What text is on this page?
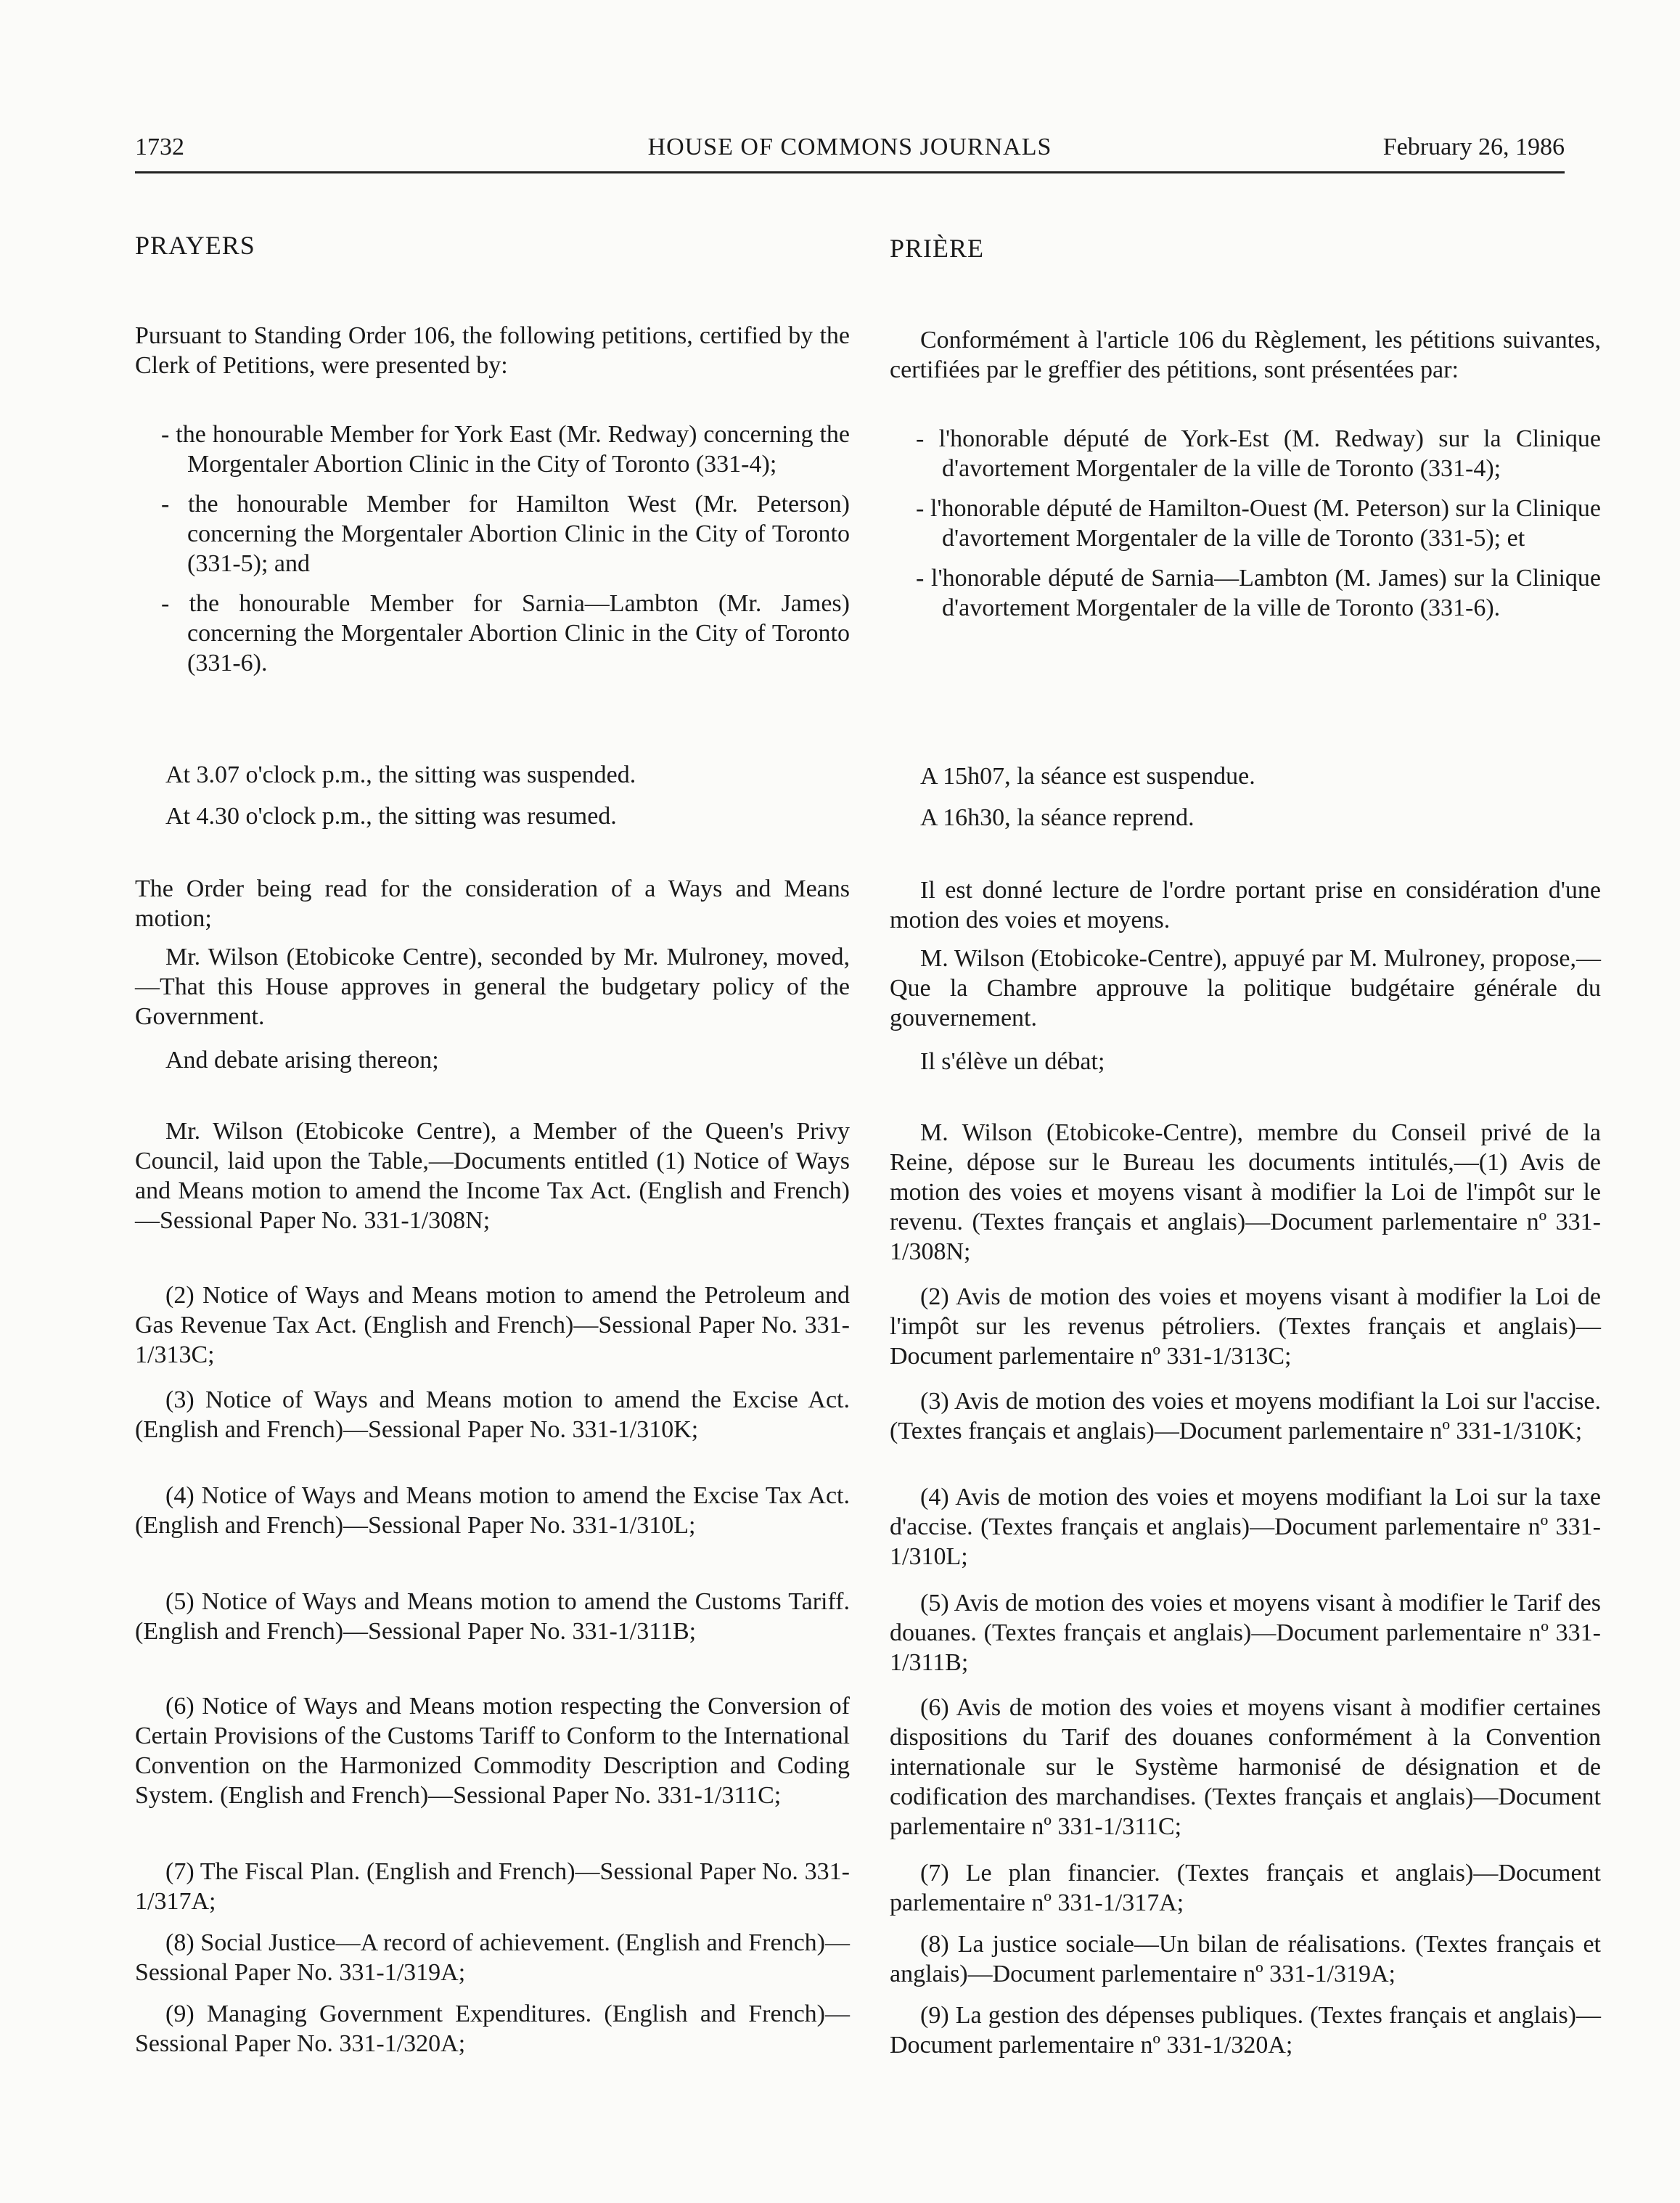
1732	HOUSE OF COMMONS JOURNALS	February 26, 1986
PRAYERS

Pursuant to Standing Order 106, the following petitions, certified by the Clerk of Petitions, were presented by:

- the honourable Member for York East (Mr. Redway) concerning the Morgentaler Abortion Clinic in the City of Toronto (331-4);

- the honourable Member for Hamilton West (Mr. Peterson) concerning the Morgentaler Abortion Clinic in the City of Toronto (331-5); and

- the honourable Member for Sarnia—Lambton (Mr. James) concerning the Morgentaler Abortion Clinic in the City of Toronto (331-6).

At 3.07 o'clock p.m., the sitting was suspended.

At 4.30 o'clock p.m., the sitting was resumed.

The Order being read for the consideration of a Ways and Means motion;

Mr. Wilson (Etobicoke Centre), seconded by Mr. Mulroney, moved,—That this House approves in general the budgetary policy of the Government.

And debate arising thereon;

Mr. Wilson (Etobicoke Centre), a Member of the Queen's Privy Council, laid upon the Table,—Documents entitled (1) Notice of Ways and Means motion to amend the Income Tax Act. (English and French)—Sessional Paper No. 331-1/308N;

(2) Notice of Ways and Means motion to amend the Petroleum and Gas Revenue Tax Act. (English and French)—Sessional Paper No. 331-1/313C;

(3) Notice of Ways and Means motion to amend the Excise Act. (English and French)—Sessional Paper No. 331-1/310K;

(4) Notice of Ways and Means motion to amend the Excise Tax Act. (English and French)—Sessional Paper No. 331-1/310L;

(5) Notice of Ways and Means motion to amend the Customs Tariff. (English and French)—Sessional Paper No. 331-1/311B;

(6) Notice of Ways and Means motion respecting the Conversion of Certain Provisions of the Customs Tariff to Conform to the International Convention on the Harmonized Commodity Description and Coding System. (English and French)—Sessional Paper No. 331-1/311C;

(7) The Fiscal Plan. (English and French)—Sessional Paper No. 331-1/317A;

(8) Social Justice—A record of achievement. (English and French)—Sessional Paper No. 331-1/319A;

(9) Managing Government Expenditures. (English and French)—Sessional Paper No. 331-1/320A;

PRIÈRE

Conformément à l'article 106 du Règlement, les pétitions suivantes, certifiées par le greffier des pétitions, sont présentées par:

- l'honorable député de York-Est (M. Redway) sur la Clinique d'avortement Morgentaler de la ville de Toronto (331-4);

- l'honorable député de Hamilton-Ouest (M. Peterson) sur la Clinique d'avortement Morgentaler de la ville de Toronto (331-5); et

- l'honorable député de Sarnia—Lambton (M. James) sur la Clinique d'avortement Morgentaler de la ville de Toronto (331-6).

A 15h07, la séance est suspendue.

A 16h30, la séance reprend.

Il est donné lecture de l'ordre portant prise en considération d'une motion des voies et moyens.

M. Wilson (Etobicoke-Centre), appuyé par M. Mulroney, propose,—Que la Chambre approuve la politique budgétaire générale du gouvernement.

Il s'élève un débat;

M. Wilson (Etobicoke-Centre), membre du Conseil privé de la Reine, dépose sur le Bureau les documents intitulés,—(1) Avis de motion des voies et moyens visant à modifier la Loi de l'impôt sur le revenu. (Textes français et anglais)—Document parlementaire nº 331-1/308N;

(2) Avis de motion des voies et moyens visant à modifier la Loi de l'impôt sur les revenus pétroliers. (Textes français et anglais)—Document parlementaire nº 331-1/313C;

(3) Avis de motion des voies et moyens modifiant la Loi sur l'accise. (Textes français et anglais)—Document parlementaire nº 331-1/310K;

(4) Avis de motion des voies et moyens modifiant la Loi sur la taxe d'accise. (Textes français et anglais)—Document parlementaire nº 331-1/310L;

(5) Avis de motion des voies et moyens visant à modifier le Tarif des douanes. (Textes français et anglais)—Document parlementaire nº 331-1/311B;

(6) Avis de motion des voies et moyens visant à modifier certaines dispositions du Tarif des douanes conformément à la Convention internationale sur le Système harmonisé de désignation et de codification des marchandises. (Textes français et anglais)—Document parlementaire nº 331-1/311C;

(7) Le plan financier. (Textes français et anglais)—Document parlementaire nº 331-1/317A;

(8) La justice sociale—Un bilan de réalisations. (Textes français et anglais)—Document parlementaire nº 331-1/319A;

(9) La gestion des dépenses publiques. (Textes français et anglais)—Document parlementaire nº 331-1/320A;
